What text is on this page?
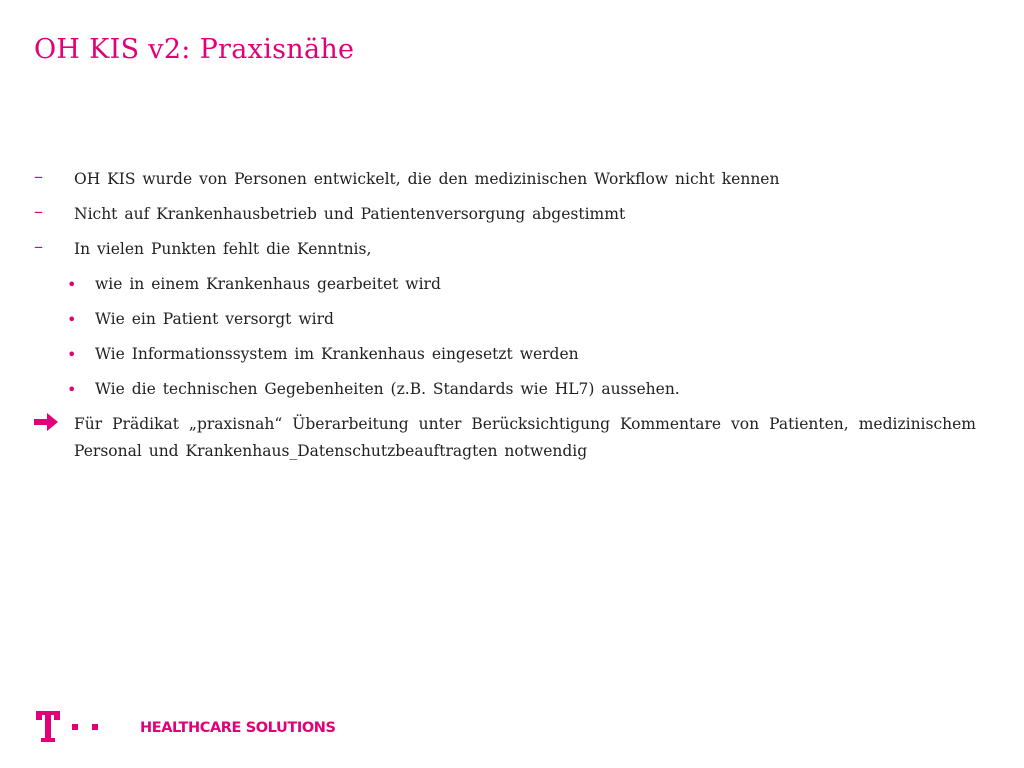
OH KIS v2: Praxisnähe
– OH KIS wurde von Personen entwickelt, die den medizinischen Workflow nicht kennen
– Nicht auf Krankenhausbetrieb und Patientenversorgung abgestimmt
– In vielen Punkten fehlt die Kenntnis,
• wie in einem Krankenhaus gearbeitet wird
• Wie ein Patient versorgt wird
• Wie Informationssystem im Krankenhaus eingesetzt werden
• Wie die technischen Gegebenheiten (z.B. Standards wie HL7) aussehen.
Für Prädikat „praxisnah“ Überarbeitung unter Berücksichtigung Kommentare von Patienten, medizinischem Personal und Krankenhaus_Datenschutzbeauftragten notwendig
HEALTHCARE SOLUTIONS
